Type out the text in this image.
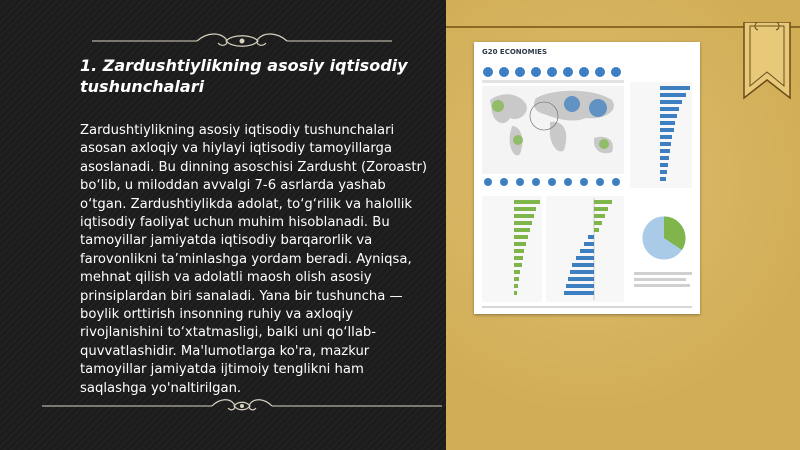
1. Zardushtiylikning asosiy iqtisodiy tushunchalari

Zardushtiylikning asosiy iqtisodiy tushunchalari asosan axloqiy va hiylayi iqtisodiy tamoyillarga asoslanadi. Bu dinning asoschisi Zardusht (Zoroastr) bo‘lib, u miloddan avvalgi 7-6 asrlarda yashab o‘tgan. Zardushtiylikda adolat, to‘g‘rilik va halollik iqtisodiy faoliyat uchun muhim hisoblanadi. Bu tamoyillar jamiyatda iqtisodiy barqarorlik va farovonlikni ta’minlashga yordam beradi. Ayniqsa, mehnat qilish va adolatli maosh olish asosiy prinsiplardan biri sanaladi. Yana bir tushuncha — boylik orttirish insonning ruhiy va axloqiy rivojlanishini to‘xtatmasligi, balki uni qo‘llab-quvvatlashidir. Ma'lumotlarga ko'ra, mazkur tamoyillar jamiyatda ijtimoiy tenglikni ham saqlashga yo'naltirilgan.

G20 ECONOMIES
